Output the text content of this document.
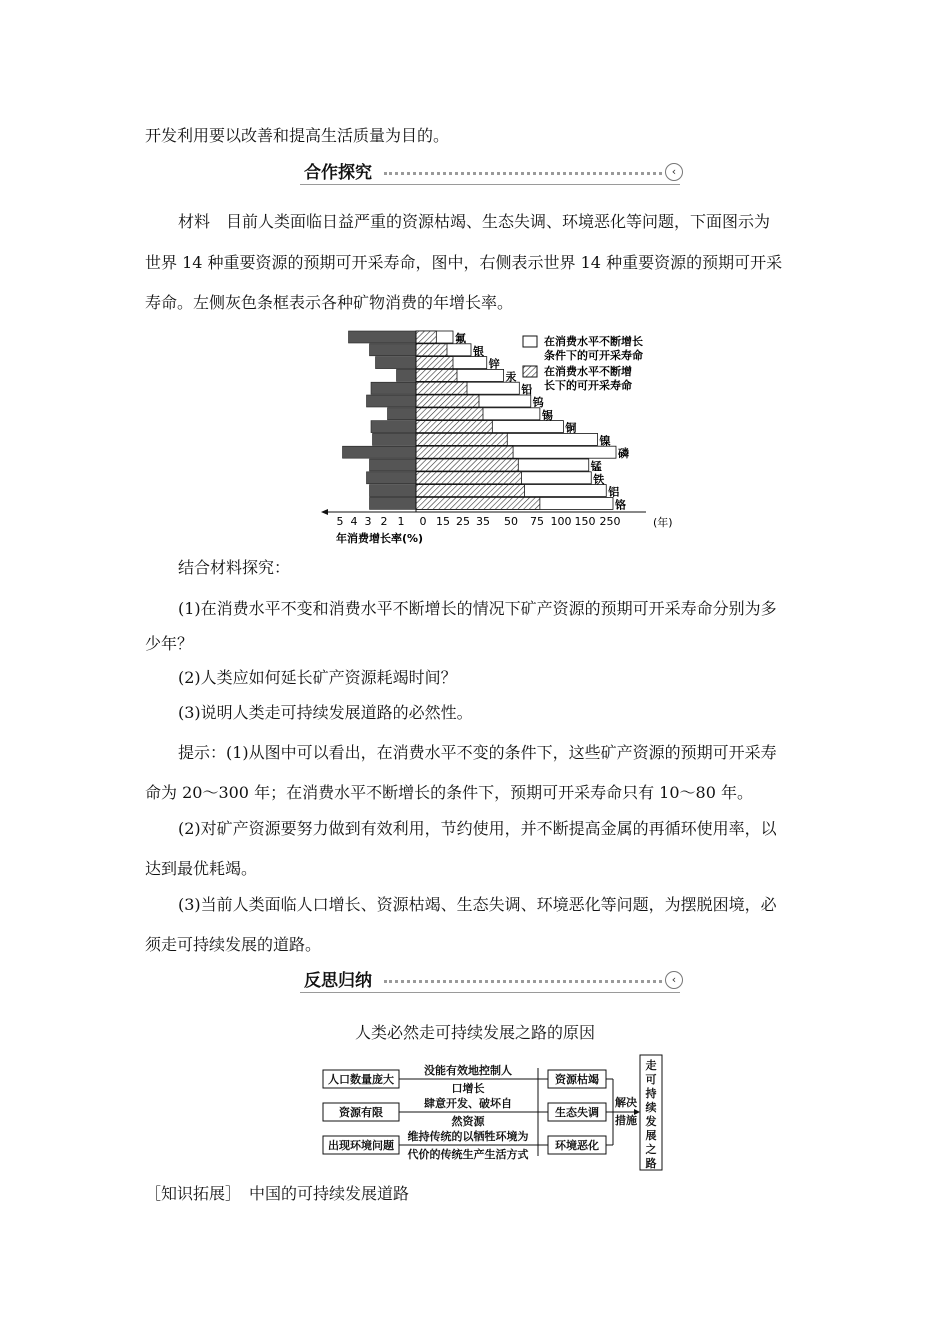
开发利用要以改善和提高生活质量为目的。
合作探究	‹
材料　目前人类面临日益严重的资源枯竭、生态失调、环境恶化等问题，下面图示为
世界 14 种重要资源的预期可开采寿命，图中，右侧表示世界 14 种重要资源的预期可开采
寿命。左侧灰色条框表示各种矿物消费的年增长率。
氟
银
锌
汞
铅
钨
锡
铜
镍
磷
锰
铁
铝
铬
5 4 3 2 1 0 15 25 35 50 75 100 150 250	(年)
年消费增长率(%)
在消费水平不断增长
条件下的可开采寿命
在消费水平不断增
长下的可开采寿命
结合材料探究：
(1)在消费水平不变和消费水平不断增长的情况下矿产资源的预期可开采寿命分别为多
少年？
(2)人类应如何延长矿产资源耗竭时间？
(3)说明人类走可持续发展道路的必然性。
提示：(1)从图中可以看出，在消费水平不变的条件下，这些矿产资源的预期可开采寿
命为 20～300 年；在消费水平不断增长的条件下，预期可开采寿命只有 10～80 年。
(2)对矿产资源要努力做到有效利用，节约使用，并不断提高金属的再循环使用率，以
达到最优耗竭。
(3)当前人类面临人口增长、资源枯竭、生态失调、环境恶化等问题，为摆脱困境，必
须走可持续发展的道路。
反思归纳	‹
人类必然走可持续发展之路的原因
人口数量庞大
资源有限
出现环境问题
没能有效地控制人
口增长
肆意开发、破坏自
然资源
维持传统的以牺牲环境为
代价的传统生产生活方式
资源枯竭
生态失调
环境恶化
解决
措施
走
可
持
续
发
展
之
路
［知识拓展］　中国的可持续发展道路
